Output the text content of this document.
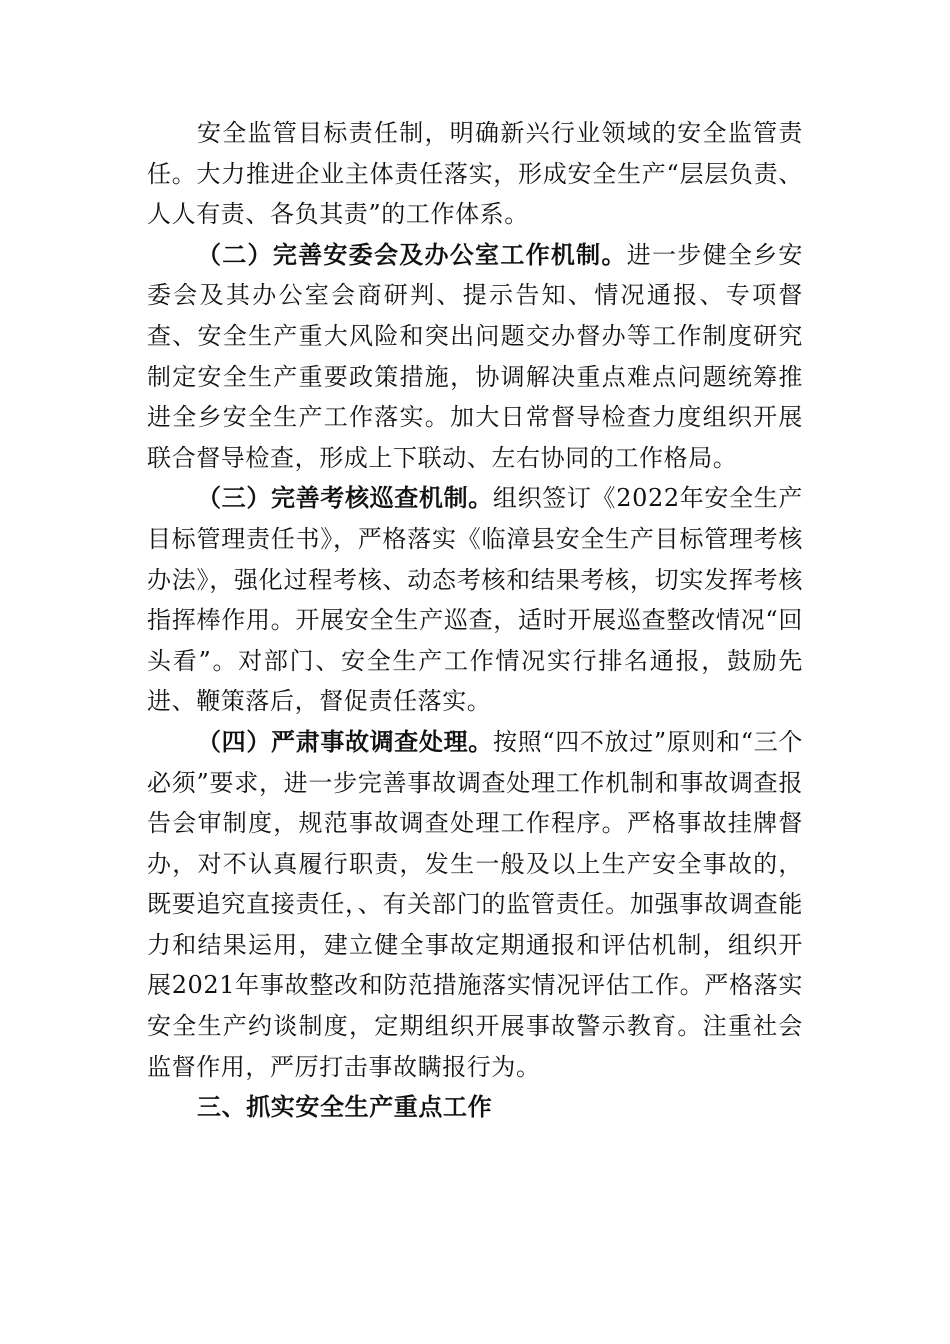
安全监管目标责任制，明确新兴行业领域的安全监管责任。大力推进企业主体责任落实，形成安全生产“层层负责、人人有责、各负其责”的工作体系。

（二）完善安委会及办公室工作机制。进一步健全乡安委会及其办公室会商研判、提示告知、情况通报、专项督查、安全生产重大风险和突出问题交办督办等工作制度研究制定安全生产重要政策措施，协调解决重点难点问题统筹推进全乡安全生产工作落实。加大日常督导检查力度组织开展联合督导检查，形成上下联动、左右协同的工作格局。

（三）完善考核巡查机制。组织签订《2022年安全生产目标管理责任书》，严格落实《临漳县安全生产目标管理考核办法》，强化过程考核、动态考核和结果考核，切实发挥考核指挥棒作用。开展安全生产巡查，适时开展巡查整改情况“回头看”。对部门、安全生产工作情况实行排名通报，鼓励先进、鞭策落后，督促责任落实。

（四）严肃事故调查处理。按照“四不放过”原则和“三个必须”要求，进一步完善事故调查处理工作机制和事故调查报告会审制度，规范事故调查处理工作程序。严格事故挂牌督办，对不认真履行职责，发生一般及以上生产安全事故的，既要追究直接责任，、有关部门的监管责任。加强事故调查能力和结果运用，建立健全事故定期通报和评估机制，组织开展2021年事故整改和防范措施落实情况评估工作。严格落实安全生产约谈制度，定期组织开展事故警示教育。注重社会监督作用，严厉打击事故瞒报行为。

三、抓实安全生产重点工作
